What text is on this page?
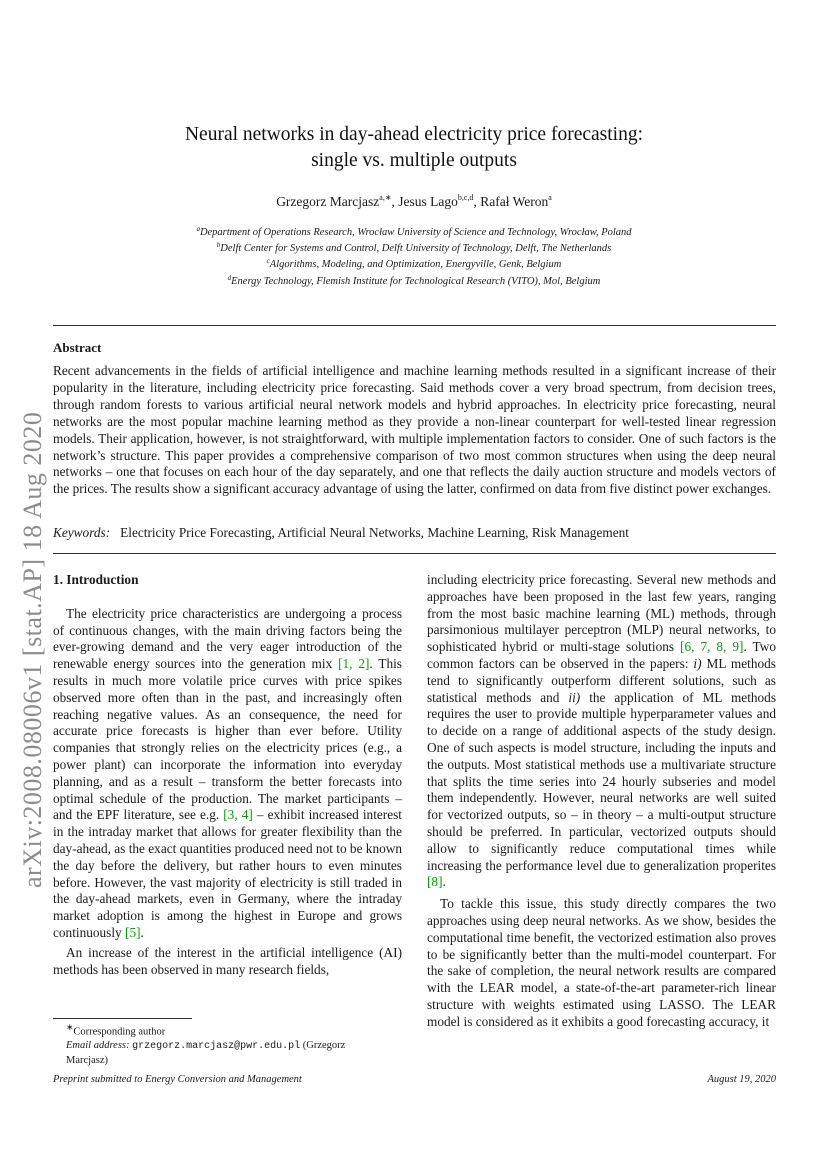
arXiv:2008.08006v1 [stat.AP] 18 Aug 2020
Neural networks in day-ahead electricity price forecasting:
single vs. multiple outputs
Grzegorz Marcjasz$^{a,∗}$, Jesus Lago$^{b,c,d}$, Rafał Weron$^a$
$^a$Department of Operations Research, Wrocław University of Science and Technology, Wrocław, Poland
$^b$Delft Center for Systems and Control, Delft University of Technology, Delft, The Netherlands
$^c$Algorithms, Modeling, and Optimization, Energyville, Genk, Belgium
$^d$Energy Technology, Flemish Institute for Technological Research (VITO), Mol, Belgium
Abstract
Recent advancements in the fields of artificial intelligence and machine learning methods resulted in a significant increase of their popularity in the literature, including electricity price forecasting. Said methods cover a very broad spectrum, from decision trees, through random forests to various artificial neural network models and hybrid approaches. In electricity price forecasting, neural networks are the most popular machine learning method as they provide a non-linear counterpart for well-tested linear regression models. Their application, however, is not straightforward, with multiple implementation factors to consider. One of such factors is the network’s structure. This paper provides a comprehensive comparison of two most common structures when using the deep neural networks – one that focuses on each hour of the day separately, and one that reflects the daily auction structure and models vectors of the prices. The results show a significant accuracy advantage of using the latter, confirmed on data from five distinct power exchanges.
Keywords: Electricity Price Forecasting, Artificial Neural Networks, Machine Learning, Risk Management
1. Introduction

The electricity price characteristics are undergoing a process of continuous changes, with the main driving factors being the ever-growing demand and the very eager introduction of the renewable energy sources into the generation mix [1, 2]. This results in much more volatile price curves with price spikes observed more often than in the past, and increasingly often reaching negative values. As an consequence, the need for accurate price forecasts is higher than ever before. Utility companies that strongly relies on the electricity prices (e.g., a power plant) can incorporate the information into everyday planning, and as a result – transform the better forecasts into optimal schedule of the production. The market participants – and the EPF literature, see e.g. [3, 4] – exhibit increased interest in the intraday market that allows for greater flexibility than the day-ahead, as the exact quantities produced need not to be known the day before the delivery, but rather hours to even minutes before. However, the vast majority of electricity is still traded in the day-ahead markets, even in Germany, where the intraday market adoption is among the highest in Europe and grows continuously [5].

An increase of the interest in the artificial intelligence (AI) methods has been observed in many research fields,

including electricity price forecasting. Several new methods and approaches have been proposed in the last few years, ranging from the most basic machine learning (ML) methods, through parsimonious multilayer perceptron (MLP) neural networks, to sophisticated hybrid or multi-stage solutions [6, 7, 8, 9]. Two common factors can be observed in the papers: i) ML methods tend to significantly outperform different solutions, such as statistical methods and ii) the application of ML methods requires the user to provide multiple hyperparameter values and to decide on a range of additional aspects of the study design. One of such aspects is model structure, including the inputs and the outputs. Most statistical methods use a multivariate structure that splits the time series into 24 hourly subseries and model them independently. However, neural networks are well suited for vectorized outputs, so – in theory – a multi-output structure should be preferred. In particular, vectorized outputs should allow to significantly reduce computational times while increasing the performance level due to generalization properites [8].

To tackle this issue, this study directly compares the two approaches using deep neural networks. As we show, besides the computational time benefit, the vectorized estimation also proves to be significantly better than the multi-model counterpart. For the sake of completion, the neural network results are compared with the LEAR model, a state-of-the-art parameter-rich linear structure with weights estimated using LASSO. The LEAR model is considered as it exhibits a good forecasting accuracy, it

∗Corresponding author
Email address: grzegorz.marcjasz@pwr.edu.pl (Grzegorz Marcjasz)
Preprint submitted to Energy Conversion and Management	August 19, 2020
